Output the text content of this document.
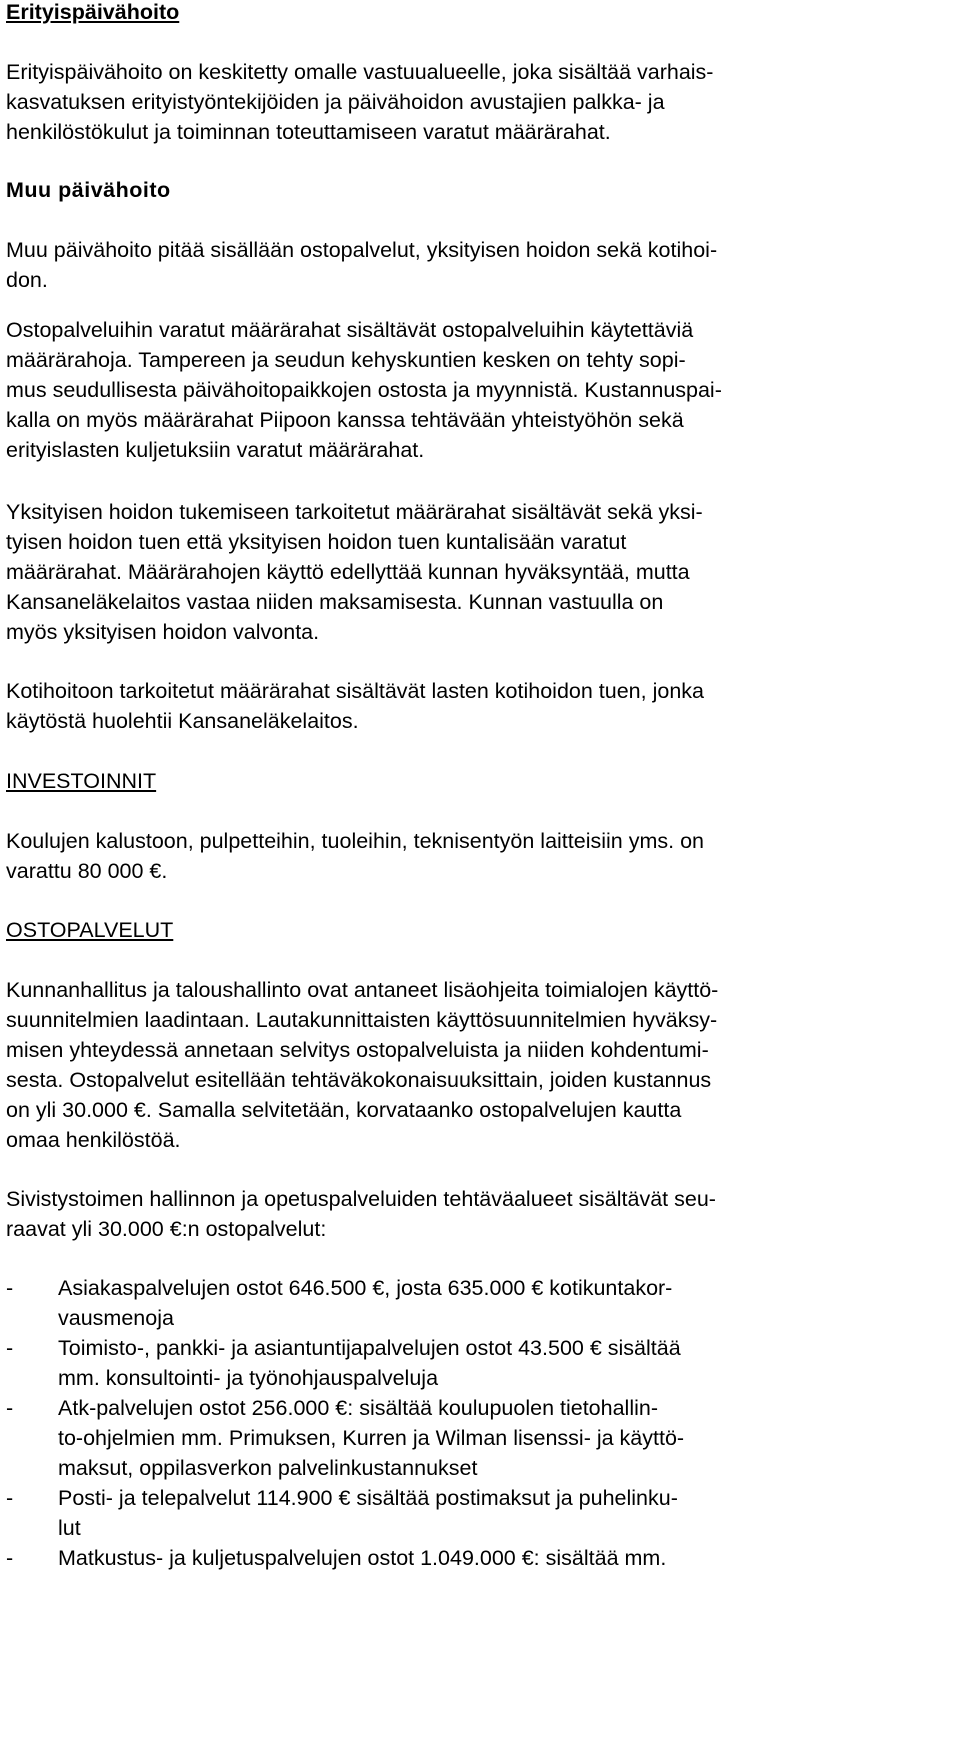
Erityispäivähoito
Erityispäivähoito on keskitetty omalle vastuualueelle, joka sisältää varhais-
kasvatuksen erityistyöntekijöiden ja päivähoidon avustajien palkka- ja
henkilöstökulut ja toiminnan toteuttamiseen varatut määrärahat.
Muu päivähoito
Muu päivähoito pitää sisällään ostopalvelut, yksityisen hoidon sekä kotihoi-
don.
Ostopalveluihin varatut määrärahat sisältävät ostopalveluihin käytettäviä
määrärahoja. Tampereen ja seudun kehyskuntien kesken on tehty sopi-
mus seudullisesta päivähoitopaikkojen ostosta ja myynnistä. Kustannuspai-
kalla on myös määrärahat Piipoon kanssa tehtävään yhteistyöhön sekä
erityislasten kuljetuksiin varatut määrärahat.
Yksityisen hoidon tukemiseen tarkoitetut määrärahat sisältävät sekä yksi-
tyisen hoidon tuen että yksityisen hoidon tuen kuntalisään varatut
määrärahat. Määrärahojen käyttö edellyttää kunnan hyväksyntää, mutta
Kansaneläkelaitos vastaa niiden maksamisesta. Kunnan vastuulla on
myös yksityisen hoidon valvonta.
Kotihoitoon tarkoitetut määrärahat sisältävät lasten kotihoidon tuen, jonka
käytöstä huolehtii Kansaneläkelaitos.
INVESTOINNIT
Koulujen kalustoon, pulpetteihin, tuoleihin, teknisentyön laitteisiin yms. on
varattu 80 000 €.
OSTOPALVELUT
Kunnanhallitus ja taloushallinto ovat antaneet lisäohjeita toimialojen käyttö-
suunnitelmien laadintaan. Lautakunnittaisten käyttösuunnitelmien hyväksy-
misen yhteydessä annetaan selvitys ostopalveluista ja niiden kohdentumi-
sesta. Ostopalvelut esitellään tehtäväkokonaisuuksittain, joiden kustannus
on yli 30.000 €. Samalla selvitetään, korvataanko ostopalvelujen kautta
omaa henkilöstöä.
Sivistystoimen hallinnon ja opetuspalveluiden tehtäväalueet sisältävät seu-
raavat yli 30.000 €:n ostopalvelut:
- Asiakaspalvelujen ostot 646.500 €, josta 635.000 € kotikuntakor-
vausmenoja
- Toimisto-, pankki- ja asiantuntijapalvelujen ostot 43.500 € sisältää
mm. konsultointi- ja työnohjauspalveluja
- Atk-palvelujen ostot 256.000 €: sisältää koulupuolen tietohallin-
to-ohjelmien mm. Primuksen, Kurren ja Wilman lisenssi- ja käyttö-
maksut, oppilasverkon palvelinkustannukset
- Posti- ja telepalvelut 114.900 € sisältää postimaksut ja puhelinku-
lut
- Matkustus- ja kuljetuspalvelujen ostot 1.049.000 €: sisältää mm.
